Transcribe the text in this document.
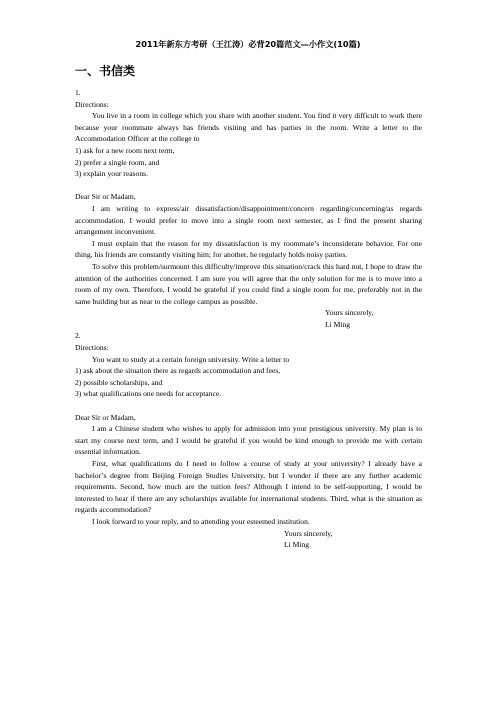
2011年新东方考研（王江涛）必背20篇范文—小作文(10篇)
一、书信类
1.
Directions:
You live in a room in college which you share with another student. You find it very difficult to work there because your roommate always has friends visiting and has parties in the room. Write a letter to the Accommodation Officer at the college to
1) ask for a new room next term,
2) prefer a single room, and
3) explain your reasons.
Dear Sir or Madam,
I am writing to express/air dissatisfaction/disappointment/concern regarding/concerning/as regards accommodation. I would prefer to move into a single room next semester, as I find the present sharing arrangement inconvenient.
I must explain that the reason for my dissatisfaction is my roommate’s inconsiderate behavior. For one thing, his friends are constantly visiting him; for another, he regularly holds noisy parties.
To solve this problem/surmount this difficulty/improve this situation/crack this hard nut, I hope to draw the attention of the authorities concerned. I am sure you will agree that the only solution for me is to move into a room of my own. Therefore, I would be grateful if you could find a single room for me, preferably not in the same building but as near to the college campus as possible.
Yours sincerely,
Li Ming
2.
Directions:
You want to study at a certain foreign university. Write a letter to
1) ask about the situation there as regards accommodation and fees,
2) possible scholarships, and
3) what qualifications one needs for acceptance.
Dear Sir or Madam,
I am a Chinese student who wishes to apply for admission into your prestigious university. My plan is to start my course next term, and I would be grateful if you would be kind enough to provide me with certain essential information.
First, what qualifications do I need to follow a course of study at your university? I already have a bachelor’s degree from Beijing Foreign Studies University, but I wonder if there are any further academic requirements. Second, how much are the tuition fees? Although I intend to be self-supporting, I would be interested to hear if there are any scholarships available for international students. Third, what is the situation as regards accommodation?
I look forward to your reply, and to attending your esteemed institution.
Yours sincerely,
Li Ming
